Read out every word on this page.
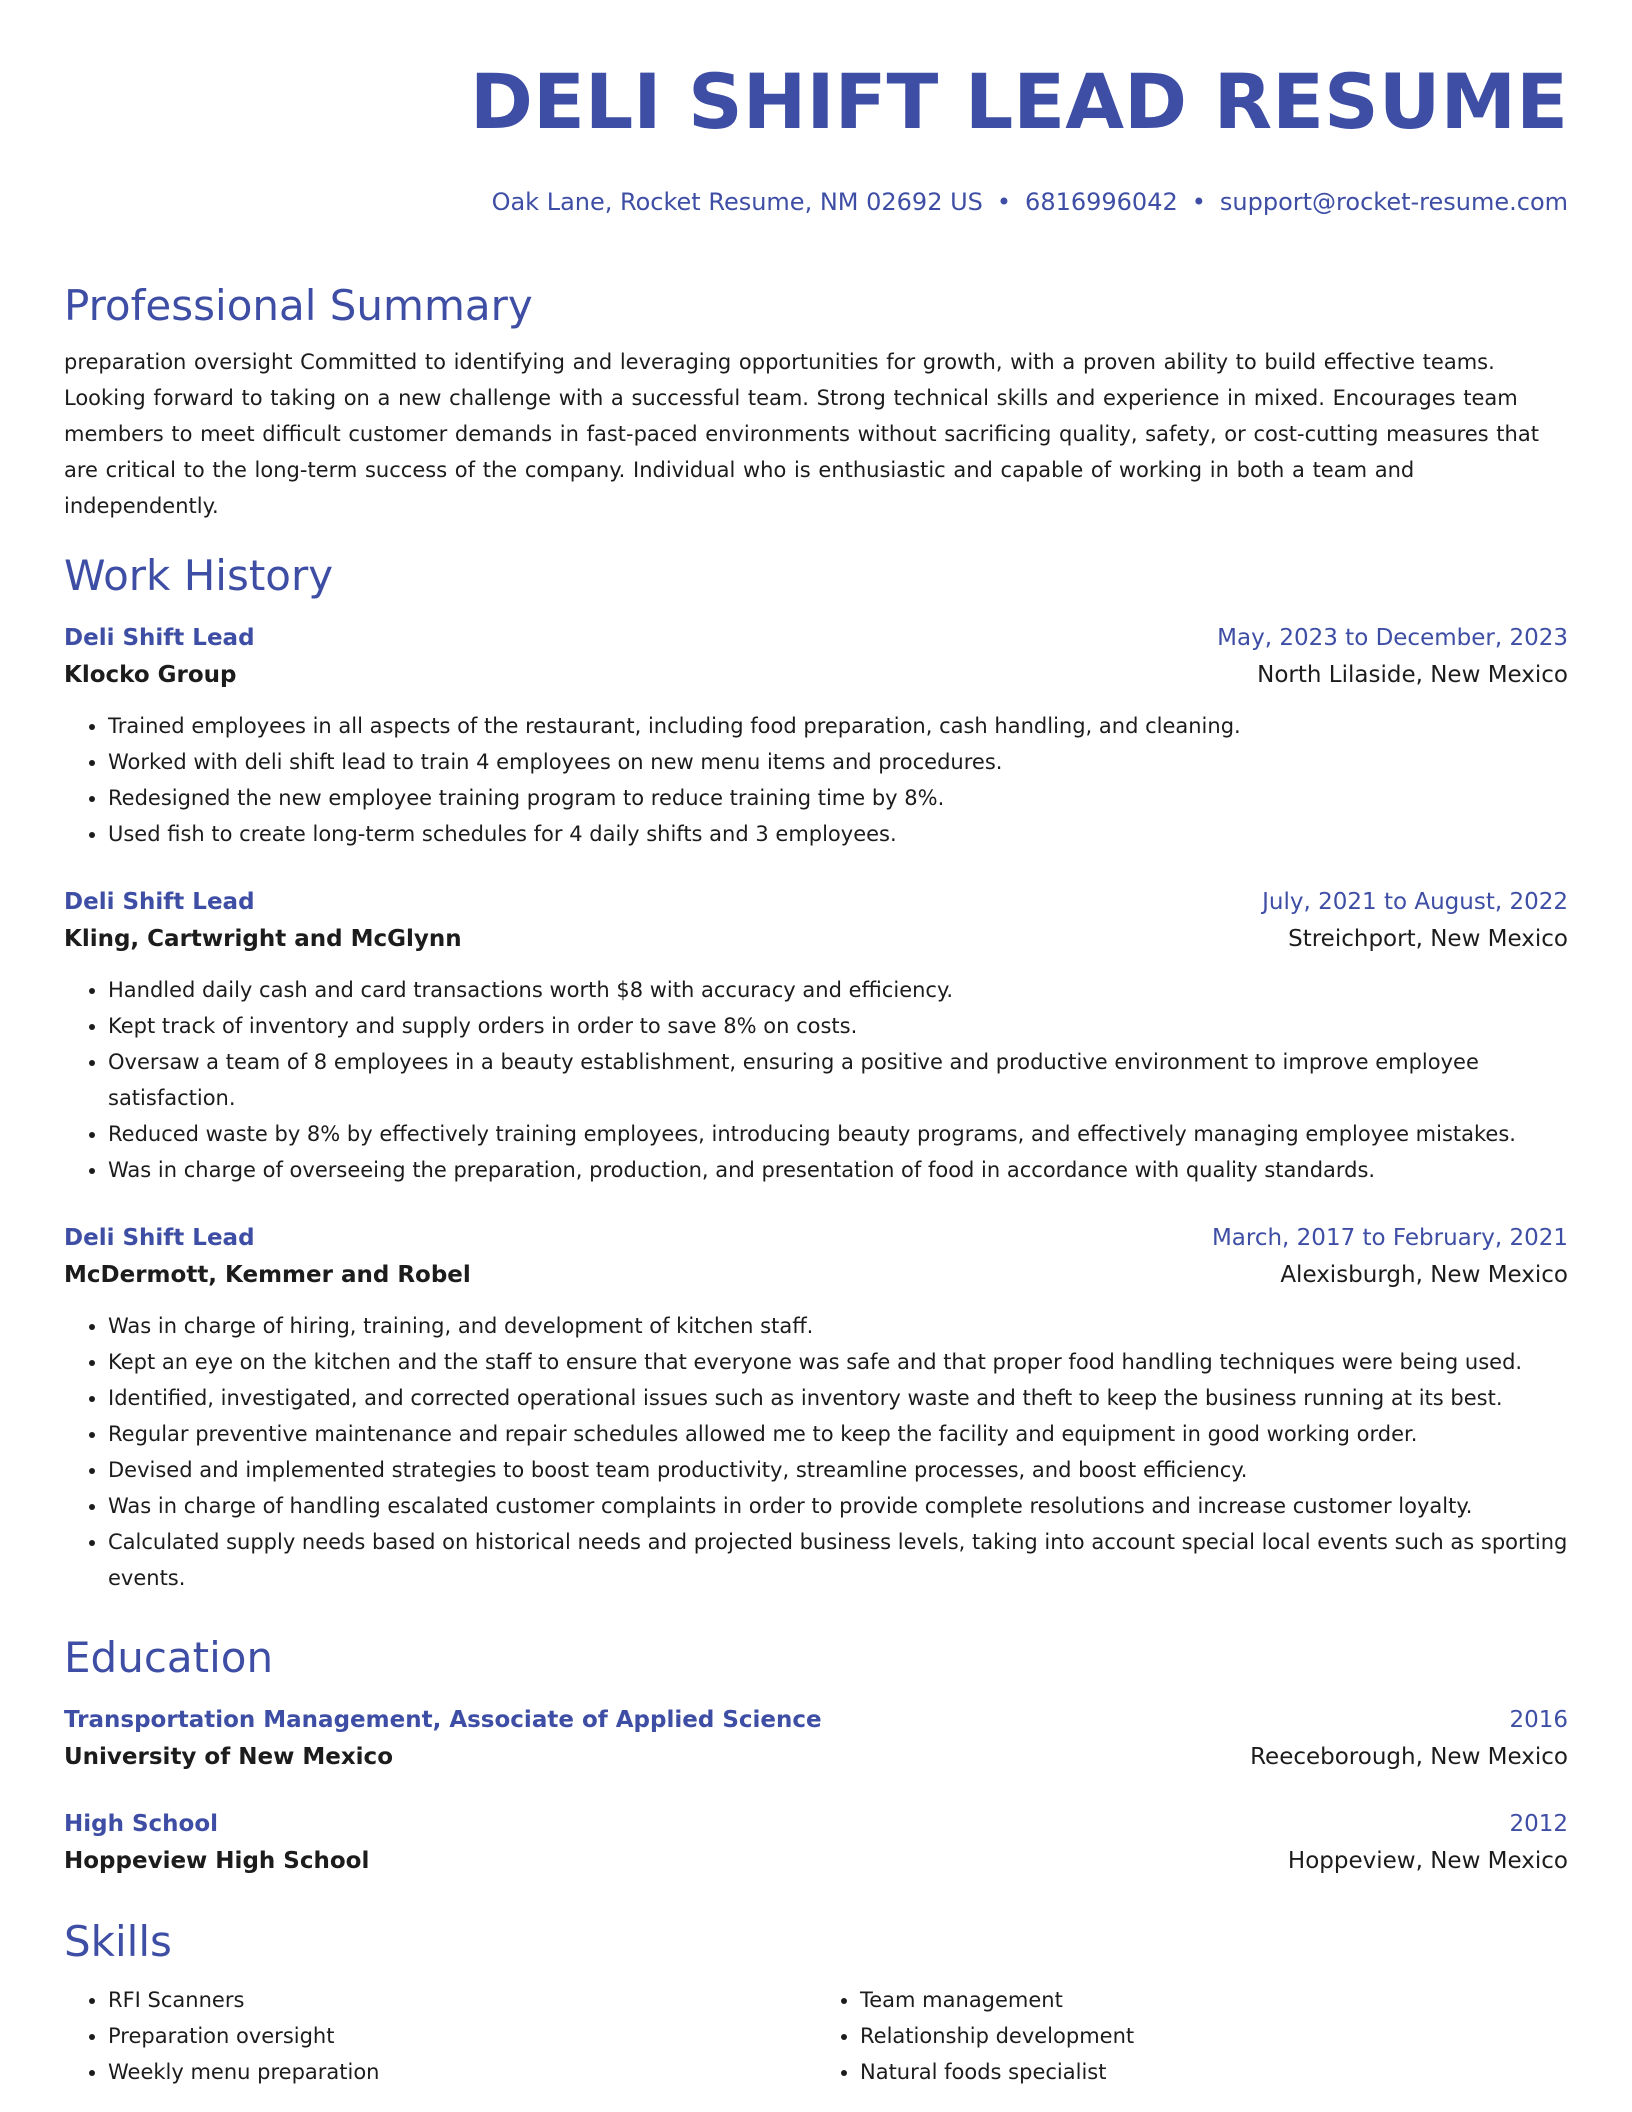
DELI SHIFT LEAD RESUME
Oak Lane, Rocket Resume, NM 02692 US • 6816996042 • support@rocket-resume.com
Professional Summary

preparation oversight Committed to identifying and leveraging opportunities for growth, with a proven ability to build effective teams. Looking forward to taking on a new challenge with a successful team. Strong technical skills and experience in mixed. Encourages team members to meet difficult customer demands in fast-paced environments without sacrificing quality, safety, or cost-cutting measures that are critical to the long-term success of the company. Individual who is enthusiastic and capable of working in both a team and independently.

Work History
Deli Shift Lead	May, 2023 to December, 2023
Klocko Group	North Lilaside, New Mexico
• Trained employees in all aspects of the restaurant, including food preparation, cash handling, and cleaning.
• Worked with deli shift lead to train 4 employees on new menu items and procedures.
• Redesigned the new employee training program to reduce training time by 8%.
• Used fish to create long-term schedules for 4 daily shifts and 3 employees.
Deli Shift Lead	July, 2021 to August, 2022
Kling, Cartwright and McGlynn	Streichport, New Mexico
• Handled daily cash and card transactions worth $8 with accuracy and efficiency.
• Kept track of inventory and supply orders in order to save 8% on costs.
• Oversaw a team of 8 employees in a beauty establishment, ensuring a positive and productive environment to improve employee satisfaction.
• Reduced waste by 8% by effectively training employees, introducing beauty programs, and effectively managing employee mistakes.
• Was in charge of overseeing the preparation, production, and presentation of food in accordance with quality standards.
Deli Shift Lead	March, 2017 to February, 2021
McDermott, Kemmer and Robel	Alexisburgh, New Mexico
• Was in charge of hiring, training, and development of kitchen staff.
• Kept an eye on the kitchen and the staff to ensure that everyone was safe and that proper food handling techniques were being used.
• Identified, investigated, and corrected operational issues such as inventory waste and theft to keep the business running at its best.
• Regular preventive maintenance and repair schedules allowed me to keep the facility and equipment in good working order.
• Devised and implemented strategies to boost team productivity, streamline processes, and boost efficiency.
• Was in charge of handling escalated customer complaints in order to provide complete resolutions and increase customer loyalty.
• Calculated supply needs based on historical needs and projected business levels, taking into account special local events such as sporting events.
Education
Transportation Management, Associate of Applied Science	2016
University of New Mexico	Reeceborough, New Mexico
High School	2012
Hoppeview High School	Hoppeview, New Mexico
Skills
• RFI Scanners
• Preparation oversight
• Weekly menu preparation
• Team management
• Relationship development
• Natural foods specialist
